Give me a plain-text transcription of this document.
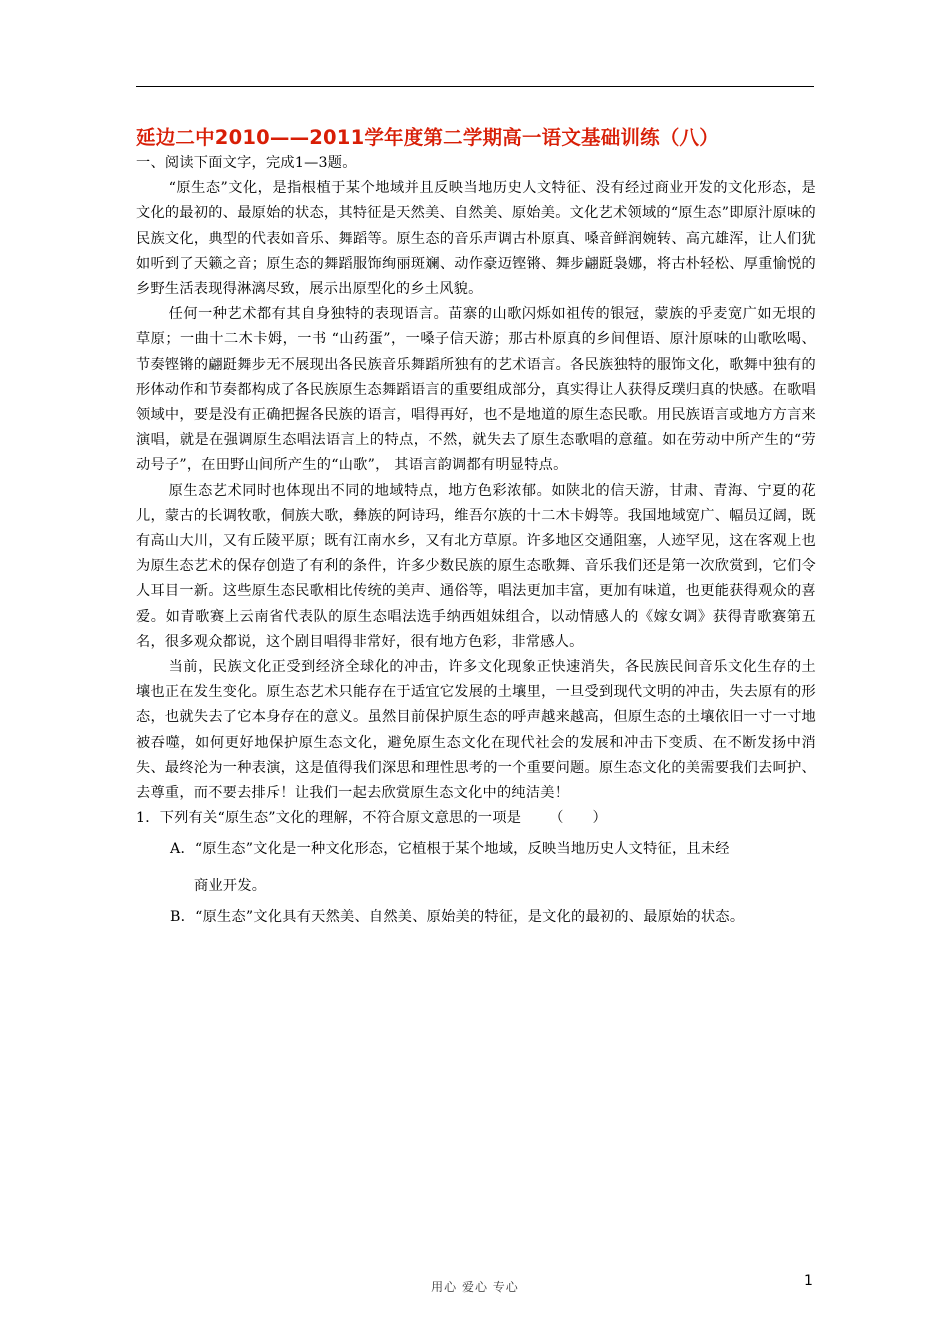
延边二中2010——2011学年度第二学期高一语文基础训练（八）

一、阅读下面文字，完成1—3题。

“原生态”文化，是指根植于某个地域并且反映当地历史人文特征、没有经过商业开发的文化形态，是文化的最初的、最原始的状态，其特征是天然美、自然美、原始美。文化艺术领域的“原生态”即原汁原味的民族文化，典型的代表如音乐、舞蹈等。原生态的音乐声调古朴原真、嗓音鲜润婉转、高亢雄浑，让人们犹如听到了天籁之音；原生态的舞蹈服饰绚丽斑斓、动作豪迈铿锵、舞步翩跹袅娜，将古朴轻松、厚重愉悦的乡野生活表现得淋漓尽致，展示出原型化的乡土风貌。

任何一种艺术都有其自身独特的表现语言。苗寨的山歌闪烁如祖传的银冠，蒙族的乎麦宽广如无垠的草原；一曲十二木卡姆，一书 “山药蛋”，一嗓子信天游；那古朴原真的乡间俚语、原汁原味的山歌吆喝、节奏铿锵的翩跹舞步无不展现出各民族音乐舞蹈所独有的艺术语言。各民族独特的服饰文化，歌舞中独有的形体动作和节奏都构成了各民族原生态舞蹈语言的重要组成部分，真实得让人获得反璞归真的快感。在歌唱领域中，要是没有正确把握各民族的语言，唱得再好，也不是地道的原生态民歌。用民族语言或地方方言来演唱，就是在强调原生态唱法语言上的特点，不然，就失去了原生态歌唱的意蕴。如在劳动中所产生的“劳动号子”，在田野山间所产生的“山歌”， 其语言韵调都有明显特点。

原生态艺术同时也体现出不同的地域特点，地方色彩浓郁。如陕北的信天游，甘肃、青海、宁夏的花儿，蒙古的长调牧歌，侗族大歌，彝族的阿诗玛，维吾尔族的十二木卡姆等。我国地域宽广、幅员辽阔，既有高山大川，又有丘陵平原；既有江南水乡，又有北方草原。许多地区交通阻塞，人迹罕见，这在客观上也为原生态艺术的保存创造了有利的条件，许多少数民族的原生态歌舞、音乐我们还是第一次欣赏到，它们令人耳目一新。这些原生态民歌相比传统的美声、通俗等，唱法更加丰富，更加有味道，也更能获得观众的喜爱。如青歌赛上云南省代表队的原生态唱法选手纳西姐妹组合，以动情感人的《嫁女调》获得青歌赛第五名，很多观众都说，这个剧目唱得非常好，很有地方色彩，非常感人。

当前，民族文化正受到经济全球化的冲击，许多文化现象正快速消失，各民族民间音乐文化生存的土壤也正在发生变化。原生态艺术只能存在于适宜它发展的土壤里，一旦受到现代文明的冲击，失去原有的形态，也就失去了它本身存在的意义。虽然目前保护原生态的呼声越来越高，但原生态的土壤依旧一寸一寸地被吞噬，如何更好地保护原生态文化，避免原生态文化在现代社会的发展和冲击下变质、在不断发扬中消失、最终沦为一种表演，这是值得我们深思和理性思考的一个重要问题。原生态文化的美需要我们去呵护、去尊重，而不要去排斥！让我们一起去欣赏原生态文化中的纯洁美！

1．下列有关“原生态”文化的理解，不符合原文意思的一项是 （　　）

A．“原生态”文化是一种文化形态，它植根于某个地域，反映当地历史人文特征，且未经
商业开发。

B．“原生态”文化具有天然美、自然美、原始美的特征，是文化的最初的、最原始的状态。

用心 爱心 专心	1
